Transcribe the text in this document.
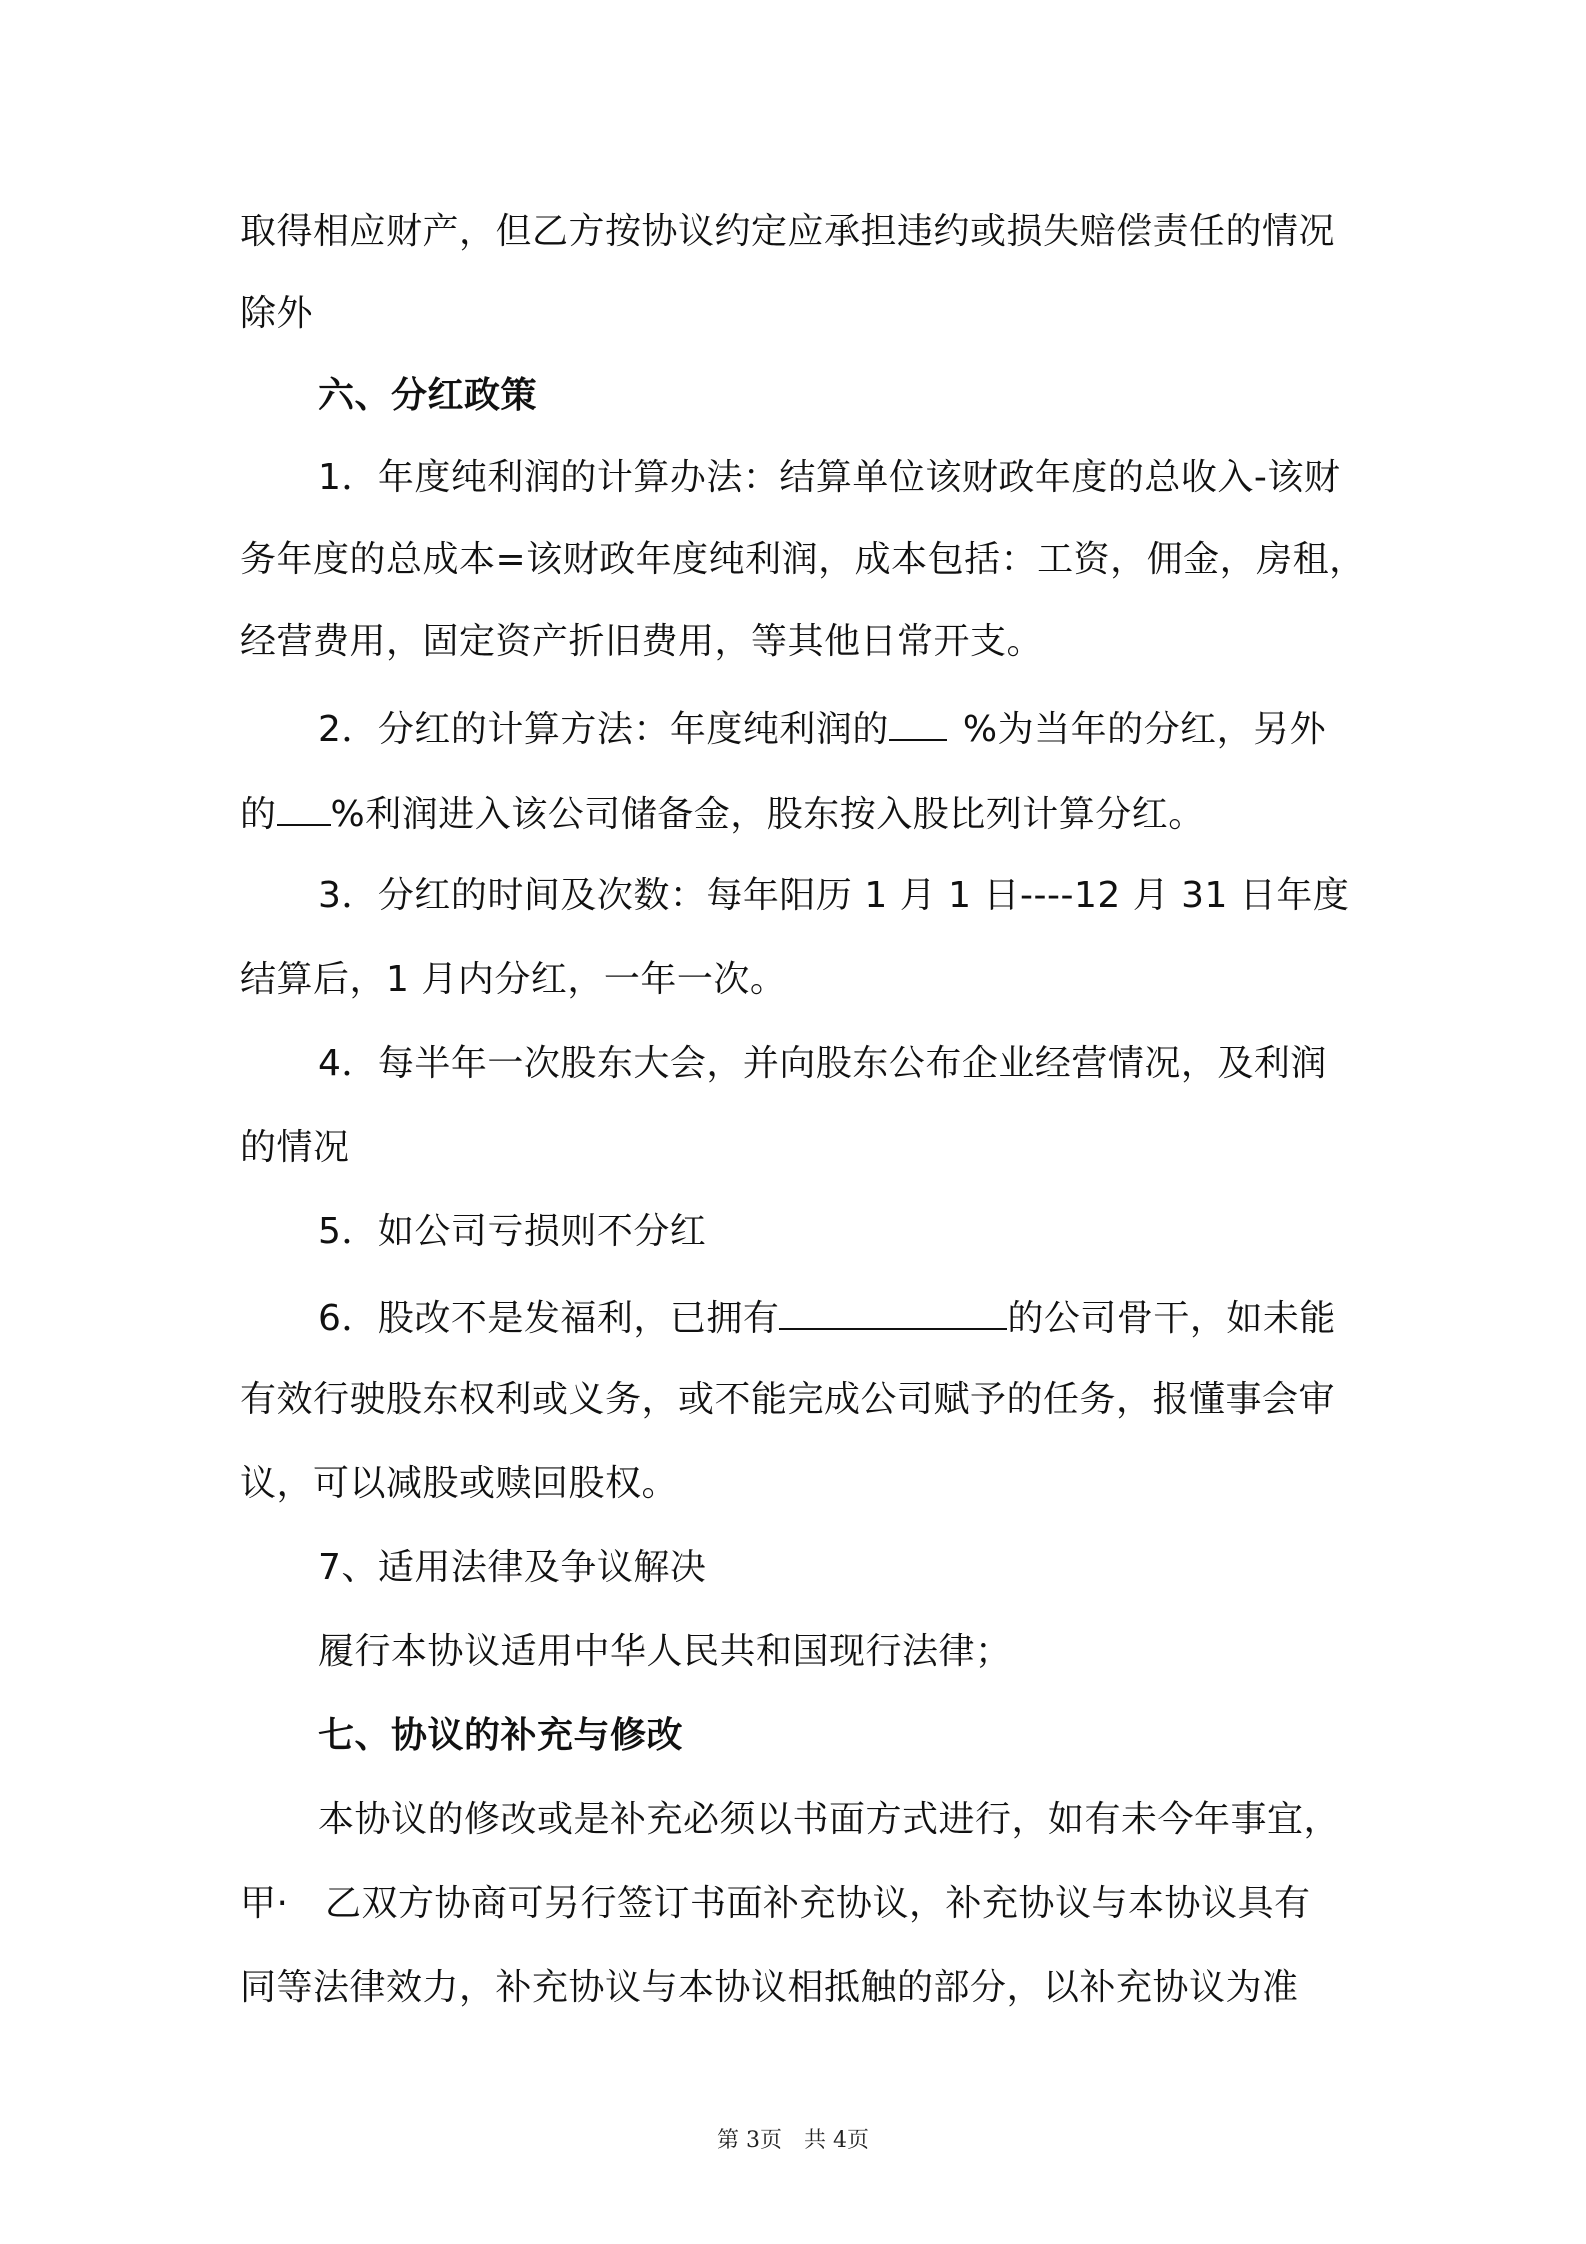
取得相应财产，但乙方按协议约定应承担违约或损失赔偿责任的情况
除外
六、分红政策
1．年度纯利润的计算办法：结算单位该财政年度的总收入-该财
务年度的总成本=该财政年度纯利润，成本包括：工资，佣金，房租，
经营费用，固定资产折旧费用，等其他日常开支。
2．分红的计算方法：年度纯利润的 %为当年的分红，另外
的 %利润进入该公司储备金，股东按入股比列计算分红。
3．分红的时间及次数：每年阳历 1 月 1 日----12 月 31 日年度
结算后，1 月内分红，一年一次。
4．每半年一次股东大会，并向股东公布企业经营情况，及利润
的情况
5．如公司亏损则不分红
6．股改不是发福利，已拥有	的公司骨干，如未能
有效行驶股东权利或义务，或不能完成公司赋予的任务，报懂事会审
议，可以减股或赎回股权。
7、适用法律及争议解决
履行本协议适用中华人民共和国现行法律；
七、协议的补充与修改
本协议的修改或是补充必须以书面方式进行，如有未今年事宜，
甲·　乙双方协商可另行签订书面补充协议，补充协议与本协议具有
同等法律效力，补充协议与本协议相抵触的部分，以补充协议为准
第 3页　共 4页
